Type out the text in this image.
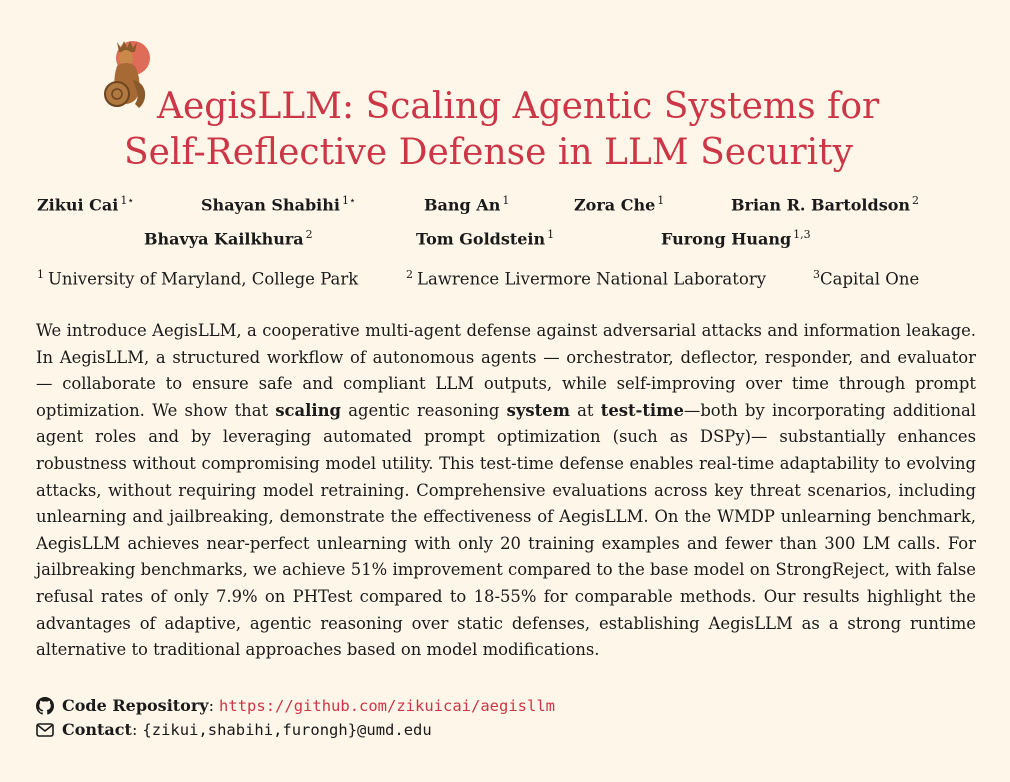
AegisLLM: Scaling Agentic Systems for
Self-Reflective Defense in LLM Security
Zikui Cai $^{1⋆}$	Shayan Shabihi $^{1⋆}$	Bang An $^1$	Zora Che $^1$	Brian R. Bartoldson $^2$
Bhavya Kailkhura $^2$	Tom Goldstein $^1$	Furong Huang $^{1,3}$
$^1$ University of Maryland, College Park	$^2$ Lawrence Livermore National Laboratory	$^3$Capital One
We introduce AegisLLM, a cooperative multi-agent defense against adversarial attacks and information leakage. In AegisLLM, a structured workflow of autonomous agents — orchestrator, deflector, responder, and evaluator — collaborate to ensure safe and compliant LLM outputs, while self-improving over time through prompt optimization. We show that scaling agentic reasoning system at test-time—both by incorporating additional agent roles and by leveraging automated prompt optimization (such as DSPy)— substantially enhances robustness without compromising model utility. This test-time defense enables real-time adaptability to evolving attacks, without requiring model retraining. Comprehensive evaluations across key threat scenarios, including unlearning and jailbreaking, demonstrate the effectiveness of AegisLLM. On the WMDP unlearning benchmark, AegisLLM achieves near-perfect unlearning with only 20 training examples and fewer than 300 LM calls. For jailbreaking benchmarks, we achieve 51% improvement compared to the base model on StrongReject, with false refusal rates of only 7.9% on PHTest compared to 18-55% for comparable methods. Our results highlight the advantages of adaptive, agentic reasoning over static defenses, establishing AegisLLM as a strong runtime alternative to traditional approaches based on model modifications.
Code Repository : https://github.com/zikuicai/aegisllm
Contact : {zikui,shabihi,furongh}@umd.edu
